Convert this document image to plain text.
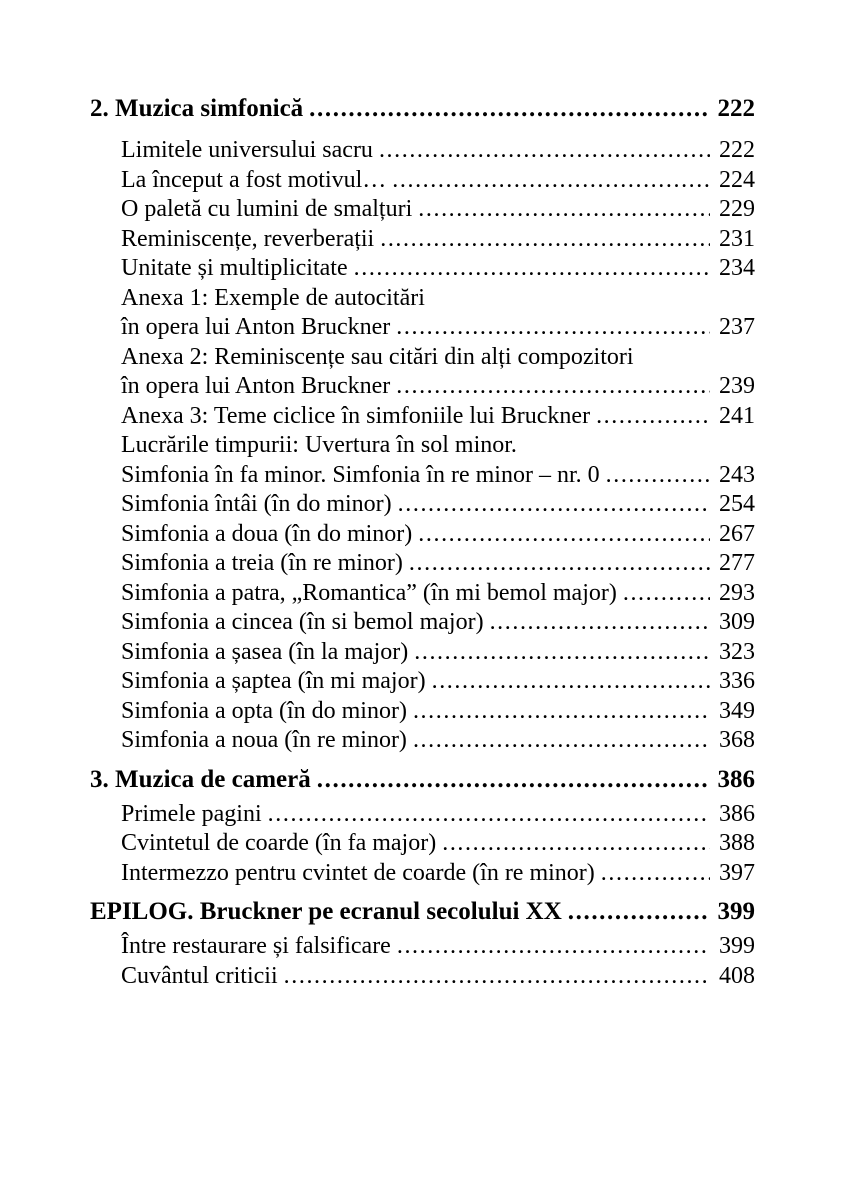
2. Muzica simfonică .....	222
Limitele universului sacru .....	222
La început a fost motivul… .....	224
O paletă cu lumini de smalțuri .....	229
Reminiscențe, reverberații .....	231
Unitate și multiplicitate .....	234
Anexa 1: Exemple de autocitări
în opera lui Anton Bruckner .....	237
Anexa 2: Reminiscențe sau citări din alți compozitori
în opera lui Anton Bruckner .....	239
Anexa 3: Teme ciclice în simfoniile lui Bruckner .....	241
Lucrările timpurii: Uvertura în sol minor.
Simfonia în fa minor. Simfonia în re minor – nr. 0 .....	243
Simfonia întâi (în do minor) .....	254
Simfonia a doua (în do minor) .....	267
Simfonia a treia (în re minor) .....	277
Simfonia a patra, „Romantica” (în mi bemol major) .....	293
Simfonia a cincea (în si bemol major) .....	309
Simfonia a șasea (în la major) .....	323
Simfonia a șaptea (în mi major) .....	336
Simfonia a opta (în do minor) .....	349
Simfonia a noua (în re minor) .....	368
3. Muzica de cameră .....	386
Primele pagini .....	386
Cvintetul de coarde (în fa major) .....	388
Intermezzo pentru cvintet de coarde (în re minor) .....	397
EPILOG. Bruckner pe ecranul secolului XX .....	399
Între restaurare și falsificare .....	399
Cuvântul criticii .....	408
